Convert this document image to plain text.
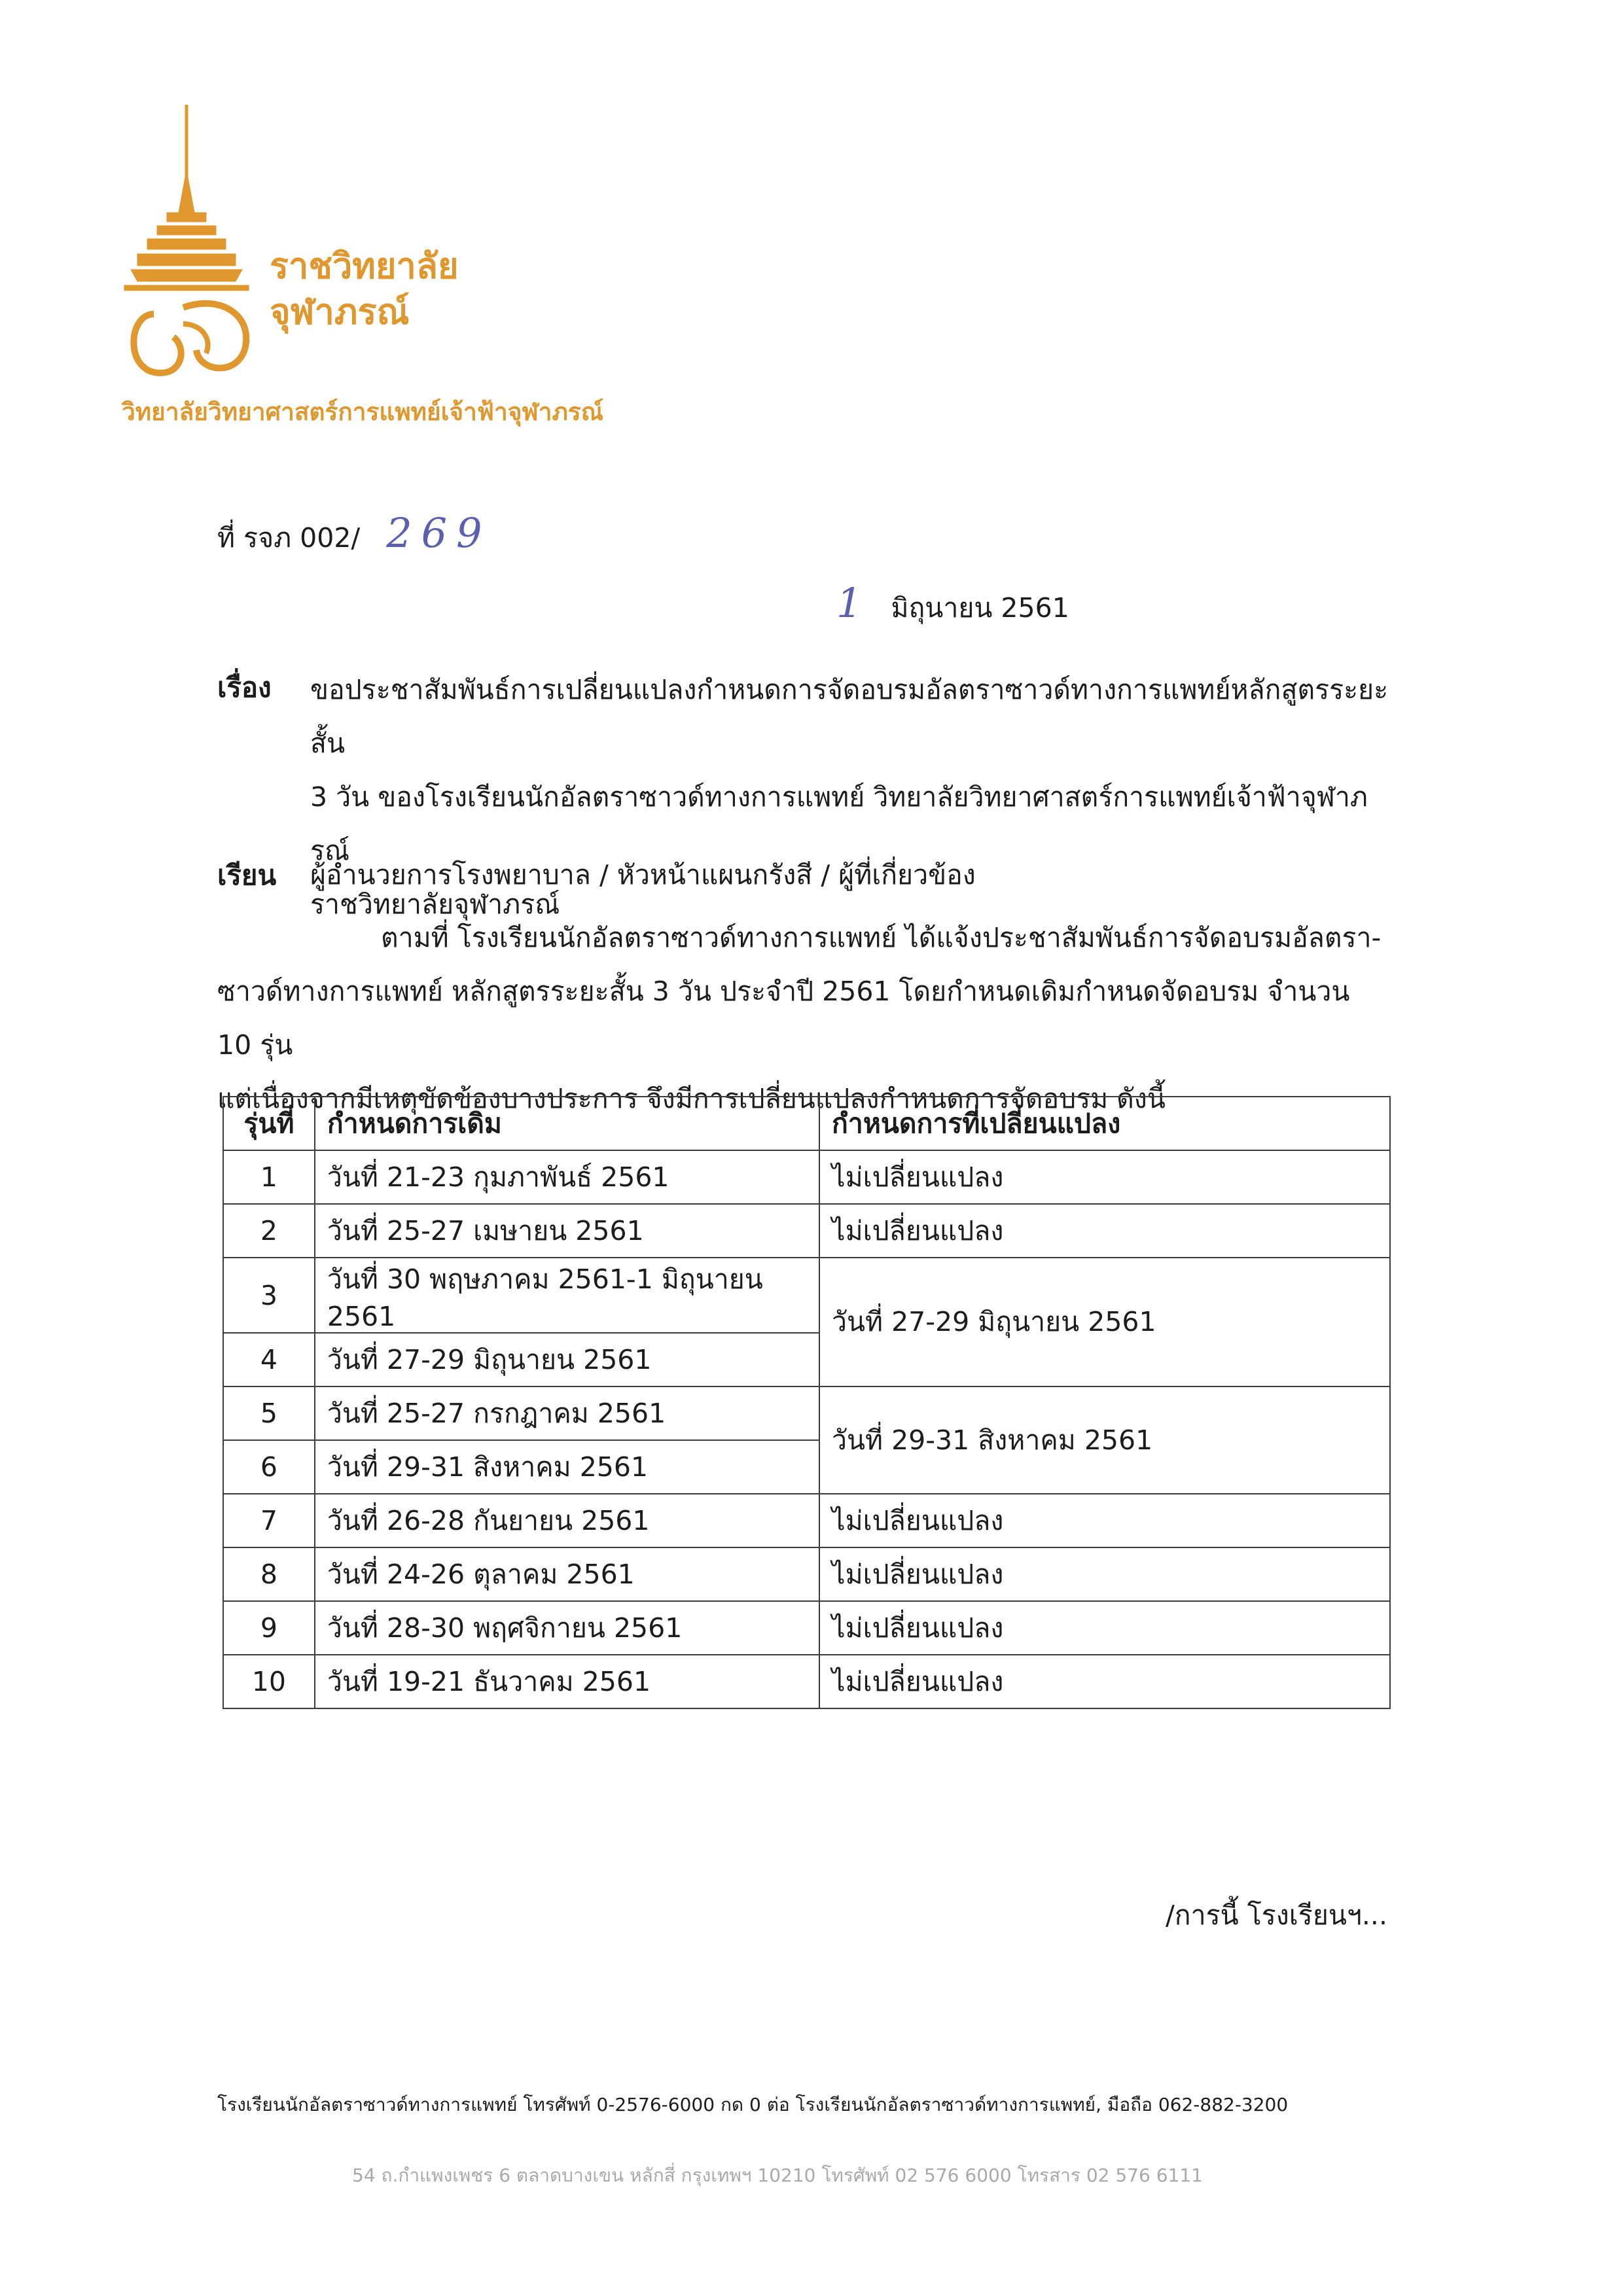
ราชวิทยาลัย
จุฬาภรณ์
วิทยาลัยวิทยาศาสตร์การแพทย์เจ้าฟ้าจุฬาภรณ์
ที่ รจภ 002/ 269
1 มิถุนายน 2561
เรื่อง ขอประชาสัมพันธ์การเปลี่ยนแปลงกำหนดการจัดอบรมอัลตราซาวด์ทางการแพทย์หลักสูตรระยะสั้น
3 วัน ของโรงเรียนนักอัลตราซาวด์ทางการแพทย์ วิทยาลัยวิทยาศาสตร์การแพทย์เจ้าฟ้าจุฬาภรณ์
ราชวิทยาลัยจุฬาภรณ์
เรียน ผู้อำนวยการโรงพยาบาล / หัวหน้าแผนกรังสี / ผู้ที่เกี่ยวข้อง
ตามที่ โรงเรียนนักอัลตราซาวด์ทางการแพทย์ ได้แจ้งประชาสัมพันธ์การจัดอบรมอัลตรา-
ซาวด์ทางการแพทย์ หลักสูตรระยะสั้น 3 วัน ประจำปี 2561 โดยกำหนดเดิมกำหนดจัดอบรม จำนวน 10 รุ่น
แต่เนื่องจากมีเหตุขัดข้องบางประการ จึงมีการเปลี่ยนแปลงกำหนดการจัดอบรม ดังนี้
รุ่นที่	กำหนดการเดิม	กำหนดการที่เปลี่ยนแปลง
1	วันที่ 21-23 กุมภาพันธ์ 2561	ไม่เปลี่ยนแปลง
2	วันที่ 25-27 เมษายน 2561	ไม่เปลี่ยนแปลง
3	วันที่ 30 พฤษภาคม 2561-1 มิถุนายน 2561	วันที่ 27-29 มิถุนายน 2561
4	วันที่ 27-29 มิถุนายน 2561	
5	วันที่ 25-27 กรกฎาคม 2561	วันที่ 29-31 สิงหาคม 2561
6	วันที่ 29-31 สิงหาคม 2561	
7	วันที่ 26-28 กันยายน 2561	ไม่เปลี่ยนแปลง
8	วันที่ 24-26 ตุลาคม 2561	ไม่เปลี่ยนแปลง
9	วันที่ 28-30 พฤศจิกายน 2561	ไม่เปลี่ยนแปลง
10	วันที่ 19-21 ธันวาคม 2561	ไม่เปลี่ยนแปลง
/การนี้ โรงเรียนฯ...
โรงเรียนนักอัลตราซาวด์ทางการแพทย์ โทรศัพท์ 0-2576-6000 กด 0 ต่อ โรงเรียนนักอัลตราซาวด์ทางการแพทย์, มือถือ 062-882-3200
54 ถ.กำแพงเพชร 6 ตลาดบางเขน หลักสี่ กรุงเทพฯ 10210 โทรศัพท์ 02 576 6000 โทรสาร 02 576 6111
